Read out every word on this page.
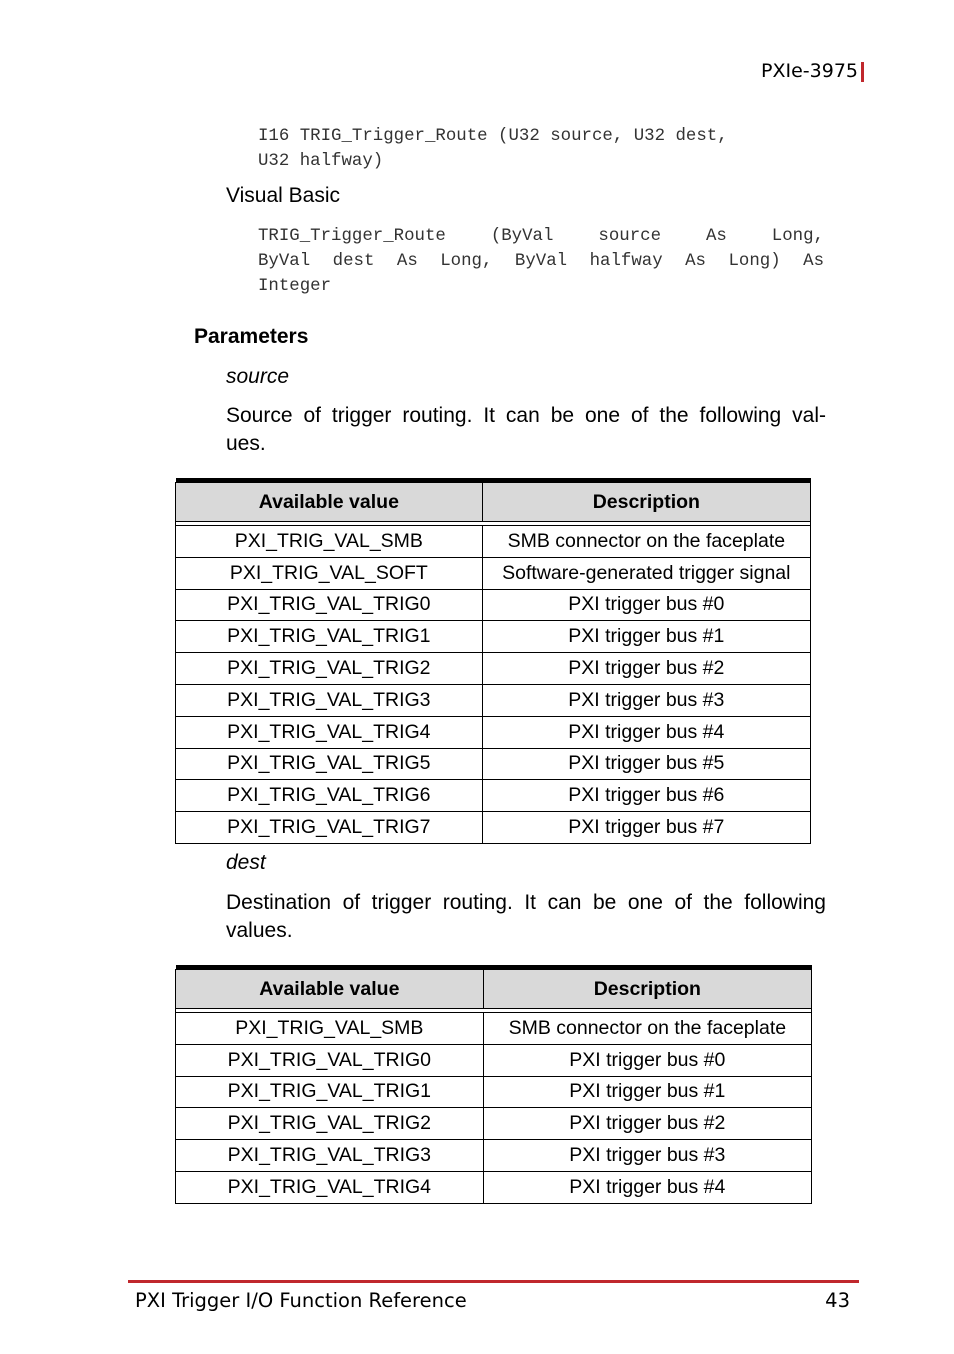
PXIe-3975
I16 TRIG_Trigger_Route (U32 source, U32 dest,
U32 halfway)
Visual Basic
TRIG_Trigger_Route (ByVal source As Long,
ByVal dest As Long, ByVal halfway As Long) As
Integer
Parameters
source
Source of trigger routing. It can be one of the following val-
ues.

Available value	Description

PXI_TRIG_VAL_SMB	SMB connector on the faceplate
PXI_TRIG_VAL_SOFT	Software-generated trigger signal
PXI_TRIG_VAL_TRIG0	PXI trigger bus #0
PXI_TRIG_VAL_TRIG1	PXI trigger bus #1
PXI_TRIG_VAL_TRIG2	PXI trigger bus #2
PXI_TRIG_VAL_TRIG3	PXI trigger bus #3
PXI_TRIG_VAL_TRIG4	PXI trigger bus #4
PXI_TRIG_VAL_TRIG5	PXI trigger bus #5
PXI_TRIG_VAL_TRIG6	PXI trigger bus #6
PXI_TRIG_VAL_TRIG7	PXI trigger bus #7
dest
Destination of trigger routing. It can be one of the following
values.

Available value	Description

PXI_TRIG_VAL_SMB	SMB connector on the faceplate
PXI_TRIG_VAL_TRIG0	PXI trigger bus #0
PXI_TRIG_VAL_TRIG1	PXI trigger bus #1
PXI_TRIG_VAL_TRIG2	PXI trigger bus #2
PXI_TRIG_VAL_TRIG3	PXI trigger bus #3
PXI_TRIG_VAL_TRIG4	PXI trigger bus #4
PXI Trigger I/O Function Reference	43
